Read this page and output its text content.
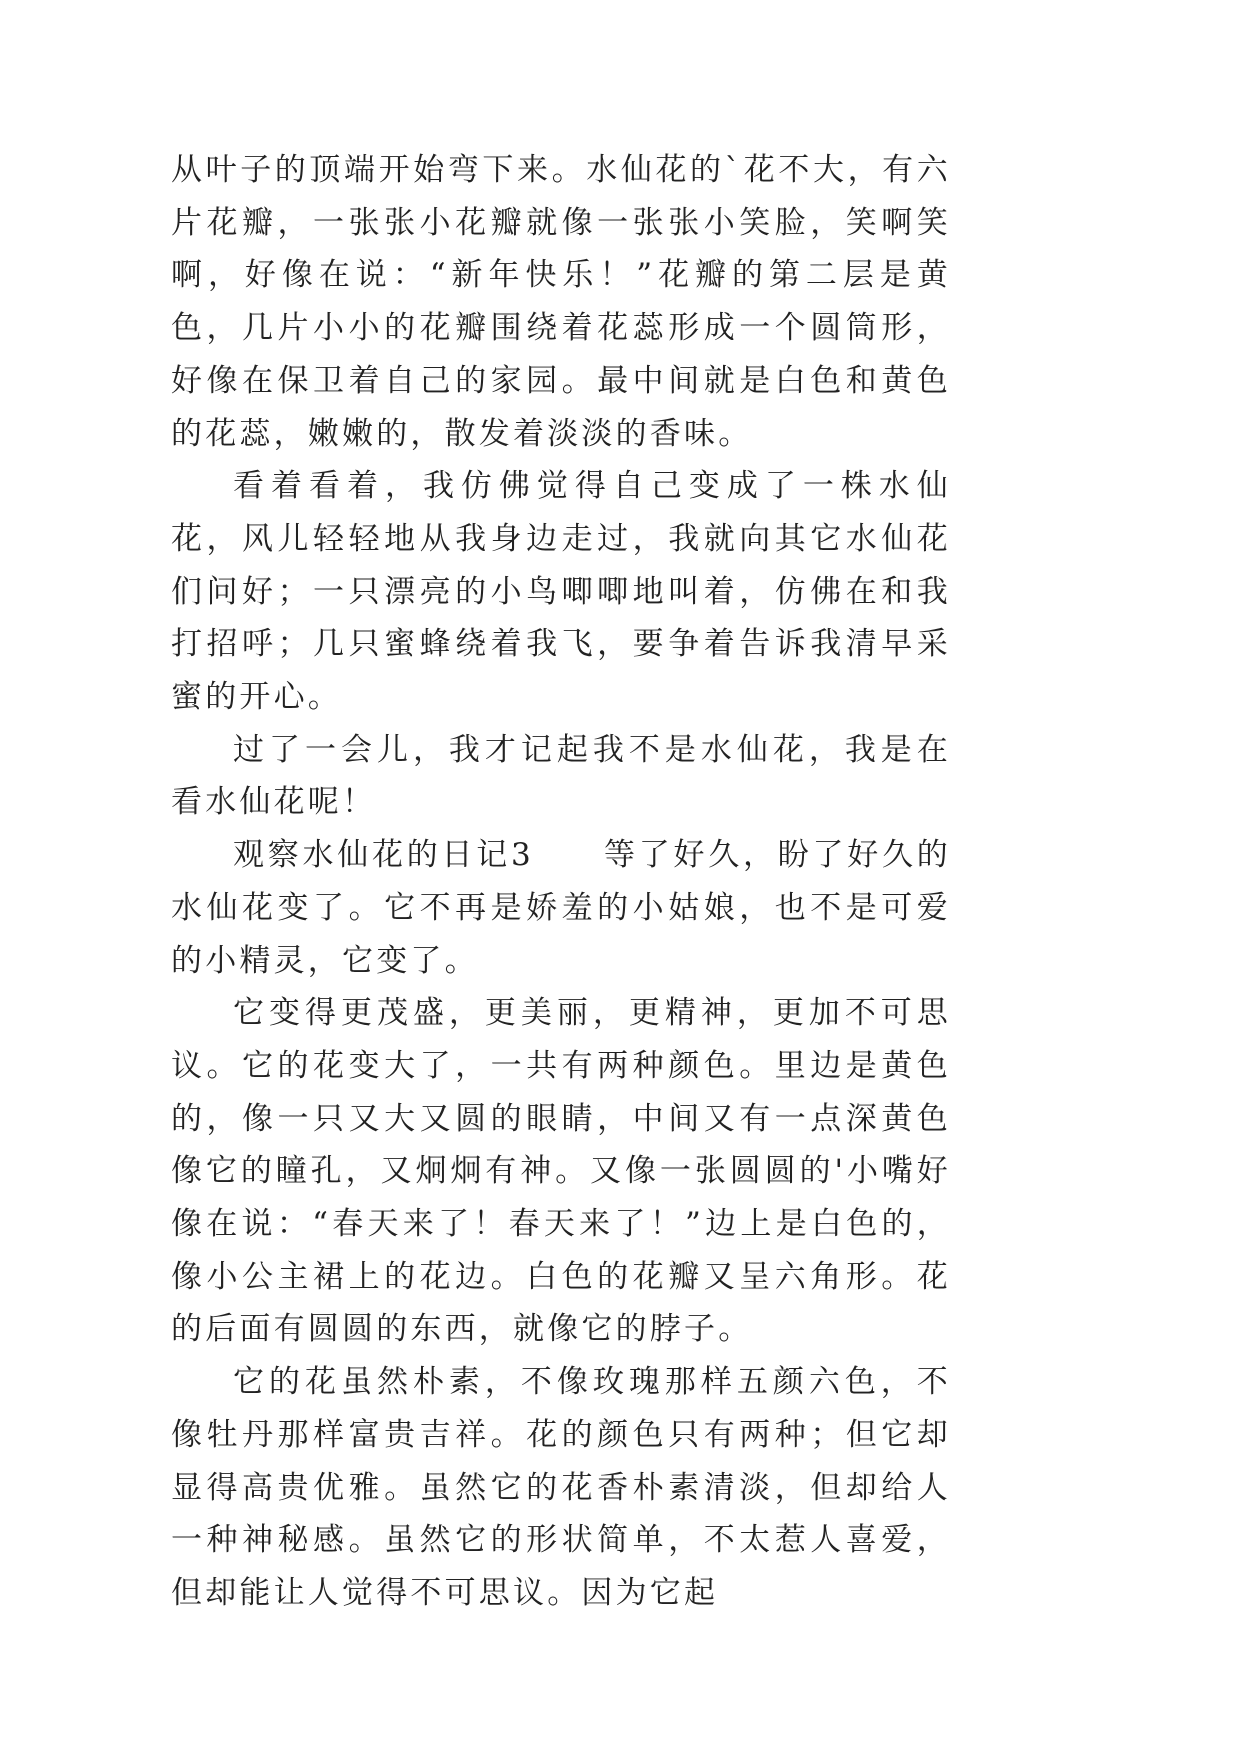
从叶子的顶端开始弯下来。水仙花的`花不大，有六片花瓣，一张张小花瓣就像一张张小笑脸，笑啊笑啊，好像在说：“新年快乐！”花瓣的第二层是黄色，几片小小的花瓣围绕着花蕊形成一个圆筒形，好像在保卫着自己的家园。最中间就是白色和黄色的花蕊，嫩嫩的，散发着淡淡的香味。

看着看着，我仿佛觉得自己变成了一株水仙花，风儿轻轻地从我身边走过，我就向其它水仙花们问好；一只漂亮的小鸟唧唧地叫着，仿佛在和我打招呼；几只蜜蜂绕着我飞，要争着告诉我清早采蜜的开心。

过了一会儿，我才记起我不是水仙花，我是在看水仙花呢！

观察水仙花的日记3　　等了好久，盼了好久的水仙花变了。它不再是娇羞的小姑娘，也不是可爱的小精灵，它变了。

它变得更茂盛，更美丽，更精神，更加不可思议。它的花变大了，一共有两种颜色。里边是黄色的，像一只又大又圆的眼睛，中间又有一点深黄色像它的瞳孔，又炯炯有神。又像一张圆圆的'小嘴好像在说：“春天来了！春天来了！”边上是白色的，像小公主裙上的花边。白色的花瓣又呈六角形。花的后面有圆圆的东西，就像它的脖子。

它的花虽然朴素，不像玫瑰那样五颜六色，不像牡丹那样富贵吉祥。花的颜色只有两种；但它却显得高贵优雅。虽然它的花香朴素清淡，但却给人一种神秘感。虽然它的形状简单，不太惹人喜爱，但却能让人觉得不可思议。因为它起
